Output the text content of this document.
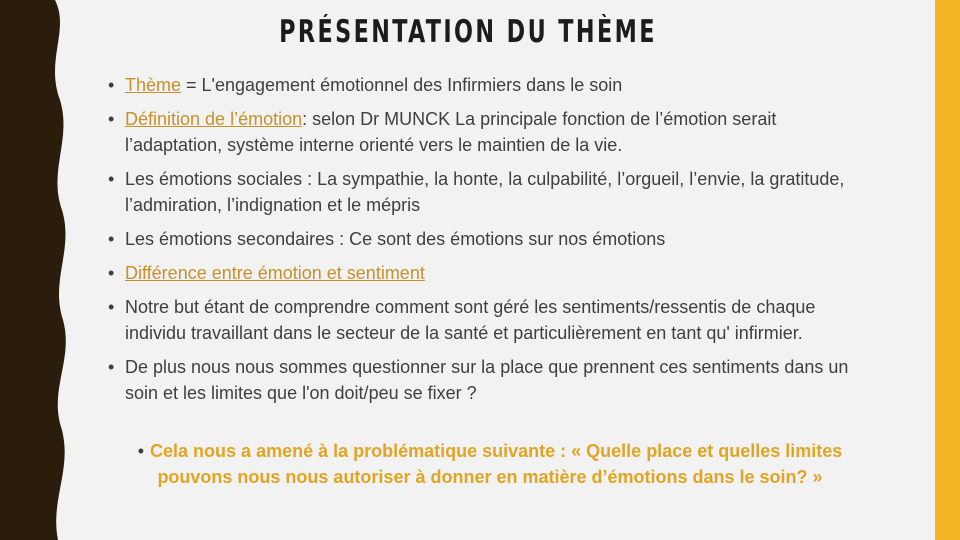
PRÉSENTATION DU THÈME
• Thème = L'engagement émotionnel des Infirmiers dans le soin
• Définition de l’émotion: selon Dr MUNCK La principale fonction de l’émotion serait l’adaptation, système interne orienté vers le maintien de la vie.
• Les émotions sociales : La sympathie, la honte, la culpabilité, l’orgueil, l’envie, la gratitude, l’admiration, l’indignation et le mépris
• Les émotions secondaires : Ce sont des émotions sur nos émotions
• Différence entre émotion et sentiment
• Notre but étant de comprendre comment sont géré les sentiments/ressentis de chaque individu travaillant dans le secteur de la santé et particulièrement en tant qu' infirmier.
• De plus nous nous sommes questionner sur la place que prennent ces sentiments dans un soin et les limites que l'on doit/peu se fixer ?
• Cela nous a amené à la problématique suivante : « Quelle place et quelles limites pouvons nous nous autoriser à donner en matière d’émotions dans le soin? »
